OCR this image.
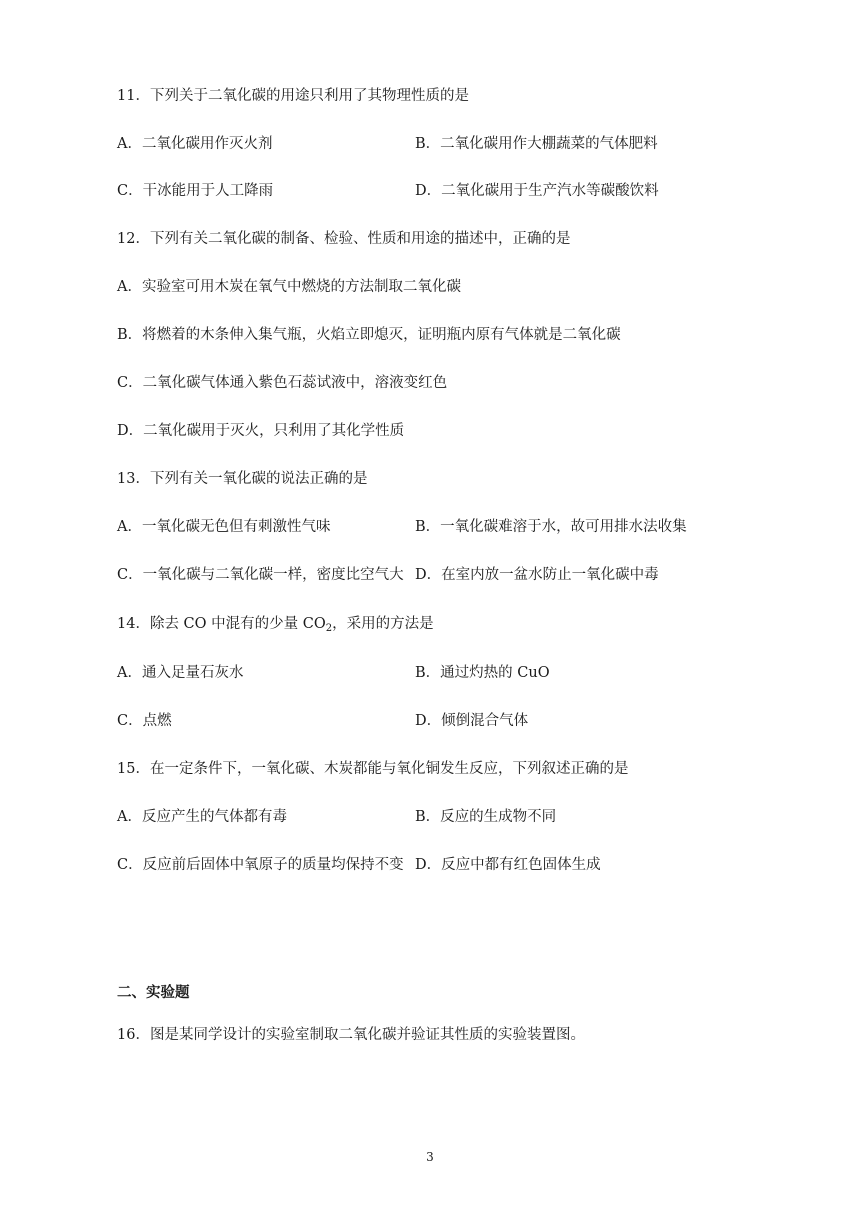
11．下列关于二氧化碳的用途只利用了其物理性质的是
A．二氧化碳用作灭火剂	B．二氧化碳用作大棚蔬菜的气体肥料
C．干冰能用于人工降雨	D．二氧化碳用于生产汽水等碳酸饮料
12．下列有关二氧化碳的制备、检验、性质和用途的描述中，正确的是
A．实验室可用木炭在氧气中燃烧的方法制取二氧化碳
B．将燃着的木条伸入集气瓶，火焰立即熄灭，证明瓶内原有气体就是二氧化碳
C．二氧化碳气体通入紫色石蕊试液中，溶液变红色
D．二氧化碳用于灭火，只利用了其化学性质
13．下列有关一氧化碳的说法正确的是
A．一氧化碳无色但有刺激性气味	B．一氧化碳难溶于水，故可用排水法收集
C．一氧化碳与二氧化碳一样，密度比空气大 D．在室内放一盆水防止一氧化碳中毒
14．除去 CO 中混有的少量 $CO_2$，采用的方法是
A．通入足量石灰水	B．通过灼热的 CuO
C．点燃	D．倾倒混合气体
15．在一定条件下，一氧化碳、木炭都能与氧化铜发生反应，下列叙述正确的是
A．反应产生的气体都有毒	B．反应的生成物不同
C．反应前后固体中氧原子的质量均保持不变 D．反应中都有红色固体生成
二、实验题
16．图是某同学设计的实验室制取二氧化碳并验证其性质的实验装置图。
3
